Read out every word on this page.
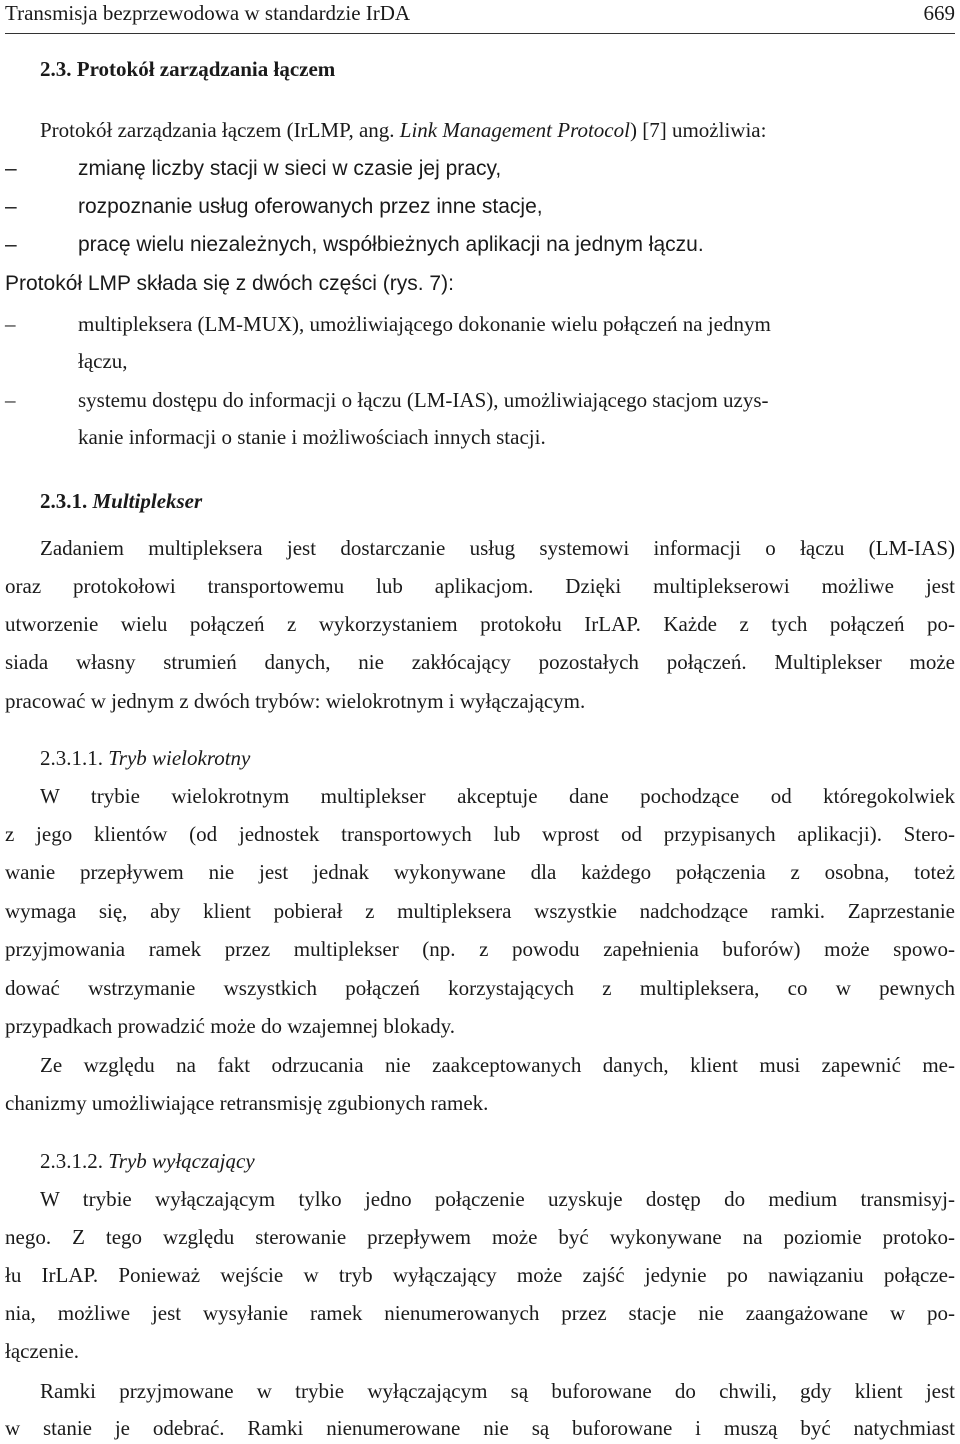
Transmisja bezprzewodowa w standardzie IrDA	669
2.3. Protokół zarządzania łączem
Protokół zarządzania łączem (IrLMP, ang. Link Management Protocol) [7] umożliwia:
–	zmianę liczby stacji w sieci w czasie jej pracy,
–	rozpoznanie usług oferowanych przez inne stacje,
–	pracę wielu niezależnych, współbieżnych aplikacji na jednym łączu.
Protokół LMP składa się z dwóch części (rys. 7):
–	multipleksera (LM-MUX), umożliwiającego dokonanie wielu połączeń na jednym
łączu,
–	systemu dostępu do informacji o łączu (LM-IAS), umożliwiającego stacjom uzys-
kanie informacji o stanie i możliwościach innych stacji.
2.3.1. Multiplekser
Zadaniem multipleksera jest dostarczanie usług systemowi informacji o łączu (LM-IAS)
oraz protokołowi transportowemu lub aplikacjom. Dzięki multiplekserowi możliwe jest
utworzenie wielu połączeń z wykorzystaniem protokołu IrLAP. Każde z tych połączeń po-
siada własny strumień danych, nie zakłócający pozostałych połączeń. Multiplekser może
pracować w jednym z dwóch trybów: wielokrotnym i wyłączającym.
2.3.1.1. Tryb wielokrotny
W trybie wielokrotnym multiplekser akceptuje dane pochodzące od któregokolwiek
z jego klientów (od jednostek transportowych lub wprost od przypisanych aplikacji). Stero-
wanie przepływem nie jest jednak wykonywane dla każdego połączenia z osobna, toteż
wymaga się, aby klient pobierał z multipleksera wszystkie nadchodzące ramki. Zaprzestanie
przyjmowania ramek przez multiplekser (np. z powodu zapełnienia buforów) może spowo-
dować wstrzymanie wszystkich połączeń korzystających z multipleksera, co w pewnych
przypadkach prowadzić może do wzajemnej blokady.
Ze względu na fakt odrzucania nie zaakceptowanych danych, klient musi zapewnić me-
chanizmy umożliwiające retransmisję zgubionych ramek.
2.3.1.2. Tryb wyłączający
W trybie wyłączającym tylko jedno połączenie uzyskuje dostęp do medium transmisyj-
nego. Z tego względu sterowanie przepływem może być wykonywane na poziomie protoko-
łu IrLAP. Ponieważ wejście w tryb wyłączający może zajść jedynie po nawiązaniu połącze-
nia, możliwe jest wysyłanie ramek nienumerowanych przez stacje nie zaangażowane w po-
łączenie.
Ramki przyjmowane w trybie wyłączającym są buforowane do chwili, gdy klient jest
w stanie je odebrać. Ramki nienumerowane nie są buforowane i muszą być natychmiast
